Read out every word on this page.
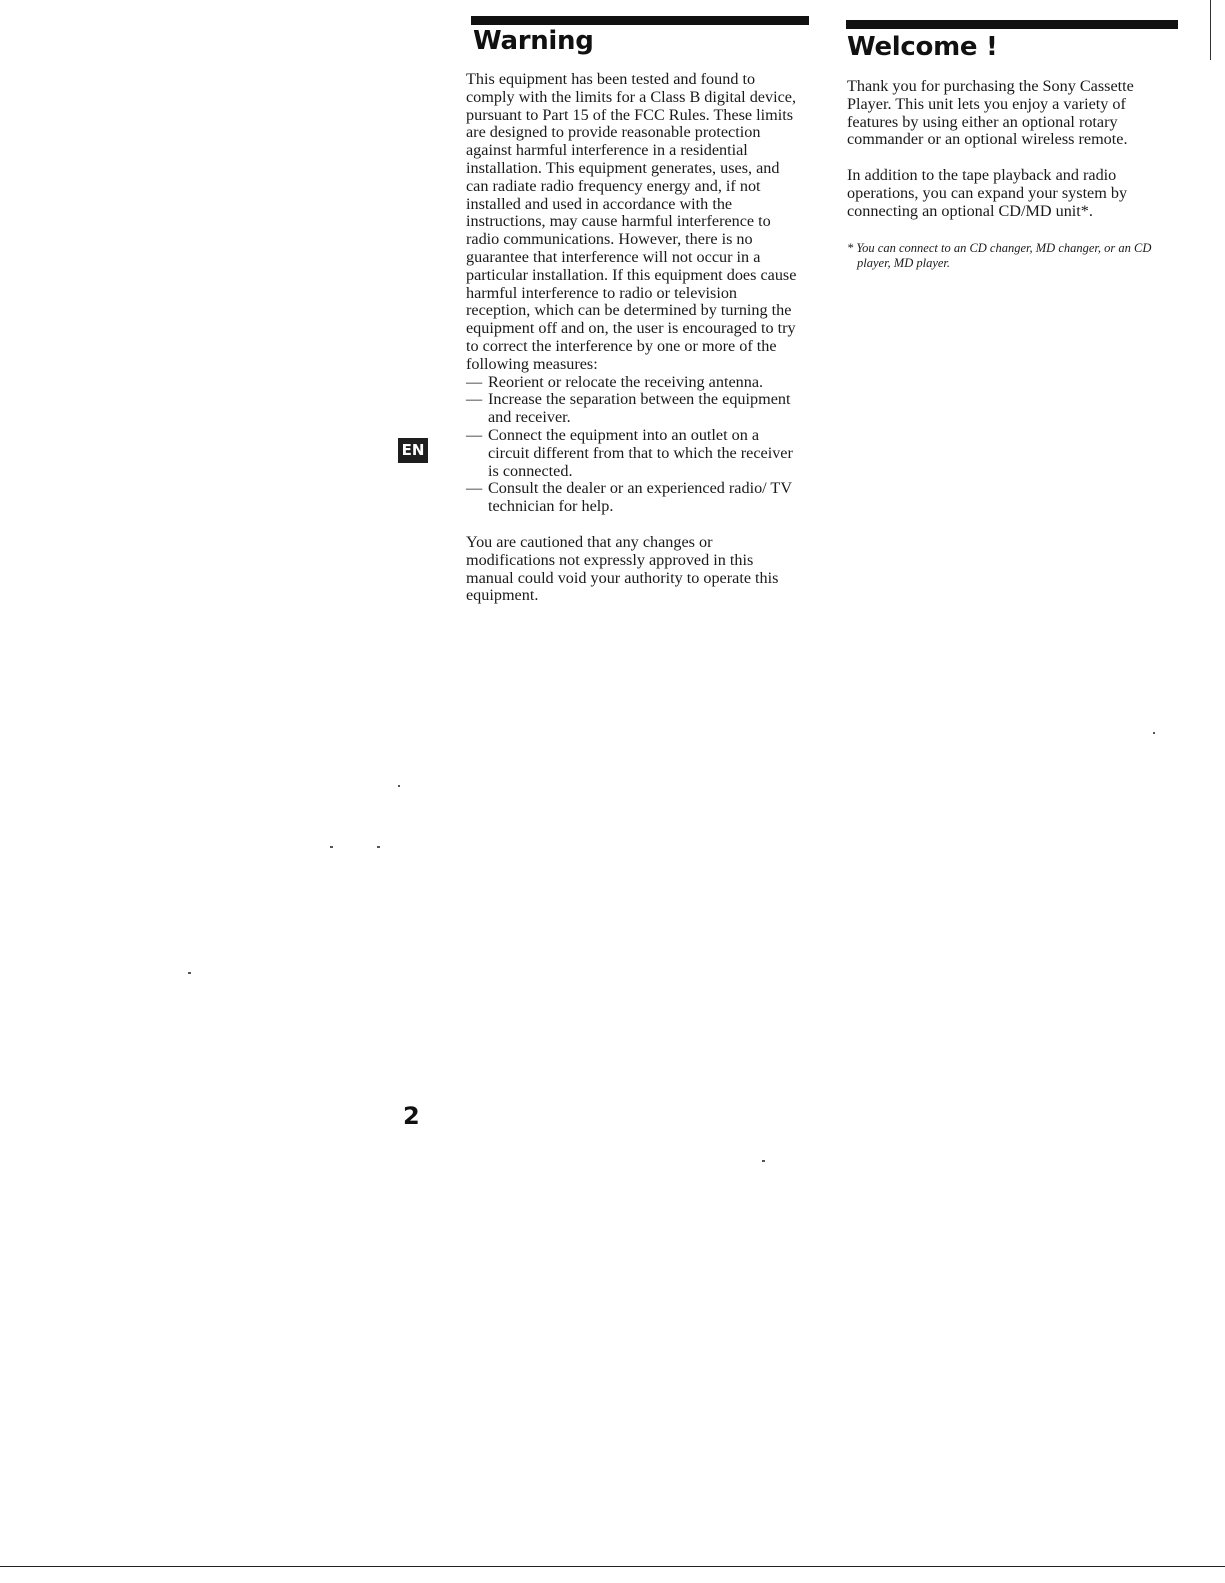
Warning

This equipment has been tested and found to comply with the limits for a Class B digital device, pursuant to Part 15 of the FCC Rules. These limits are designed to provide reasonable protection against harmful interference in a residential installation. This equipment generates, uses, and can radiate radio frequency energy and, if not installed and used in accordance with the instructions, may cause harmful interference to radio communications. However, there is no guarantee that interference will not occur in a particular installation. If this equipment does cause harmful interference to radio or television reception, which can be determined by turning the equipment off and on, the user is encouraged to try to correct the interference by one or more of the following measures:

— Reorient or relocate the receiving antenna.
— Increase the separation between the equipment and receiver.
— Connect the equipment into an outlet on a circuit different from that to which the receiver is connected.
— Consult the dealer or an experienced radio/ TV technician for help.

You are cautioned that any changes or modifications not expressly approved in this manual could void your authority to operate this equipment.

Welcome !

Thank you for purchasing the Sony Cassette Player. This unit lets you enjoy a variety of features by using either an optional rotary commander or an optional wireless remote.

In addition to the tape playback and radio operations, you can expand your system by connecting an optional CD/MD unit*.

* You can connect to an CD changer, MD changer, or an CD player, MD player.

EN
2
